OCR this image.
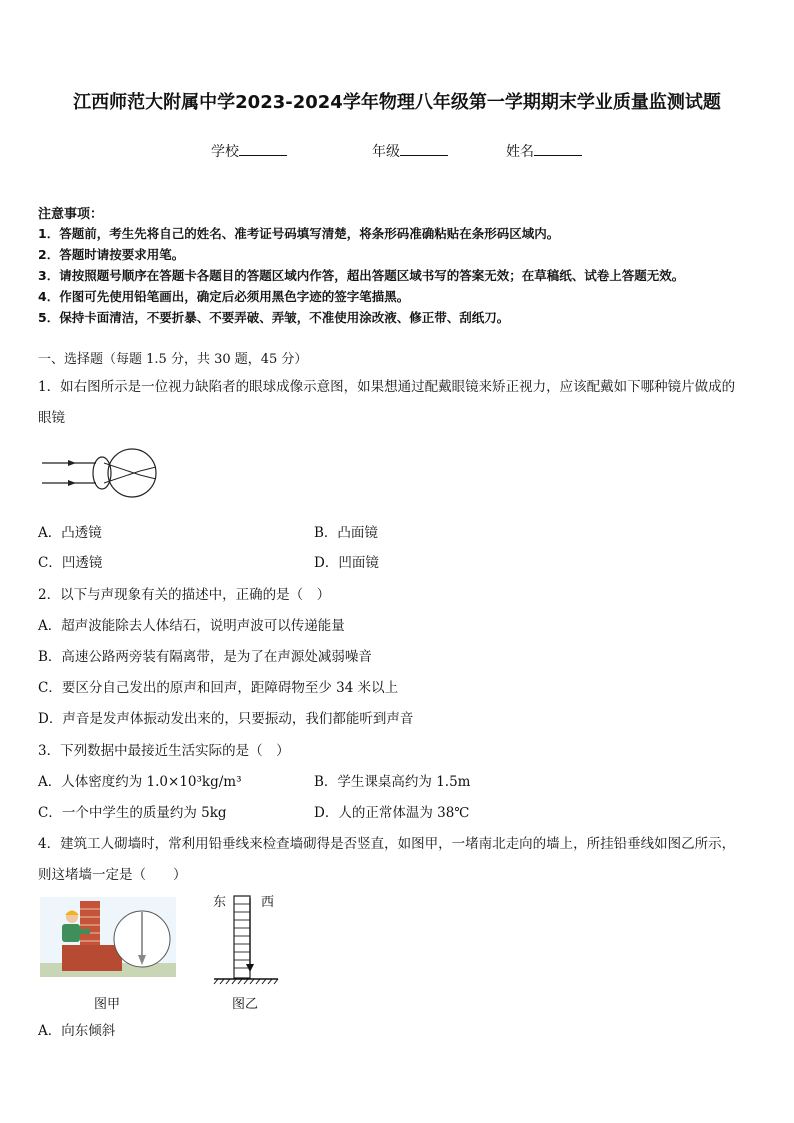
江西师范大附属中学2023-2024学年物理八年级第一学期期末学业质量监测试题
学校	年级	姓名
注意事项：
1．答题前，考生先将自己的姓名、准考证号码填写清楚，将条形码准确粘贴在条形码区域内。
2．答题时请按要求用笔。
3．请按照题号顺序在答题卡各题目的答题区域内作答，超出答题区域书写的答案无效；在草稿纸、试卷上答题无效。
4．作图可先使用铅笔画出，确定后必须用黑色字迹的签字笔描黑。
5．保持卡面清洁，不要折暴、不要弄破、弄皱，不准使用涂改液、修正带、刮纸刀。
一、选择题（每题 1.5 分，共 30 题，45 分）
1．如右图所示是一位视力缺陷者的眼球成像示意图，如果想通过配戴眼镜来矫正视力，应该配戴如下哪种镜片做成的
眼镜
A．凸透镜	B．凸面镜
C．凹透镜	D．凹面镜
2．以下与声现象有关的描述中，正确的是（　）
A．超声波能除去人体结石，说明声波可以传递能量
B．高速公路两旁装有隔离带，是为了在声源处减弱噪音
C．要区分自己发出的原声和回声，距障碍物至少 34 米以上
D．声音是发声体振动发出来的，只要振动，我们都能听到声音
3．下列数据中最接近生活实际的是（　）
A．人体密度约为 1.0×10³kg/m³	B．学生课桌高约为 1.5m
C．一个中学生的质量约为 5kg	D．人的正常体温为 38℃
4．建筑工人砌墙时，常利用铅垂线来检查墙砌得是否竖直，如图甲，一堵南北走向的墙上，所挂铅垂线如图乙所示，
则这堵墙一定是（　　）
图甲
东	西
图乙
A．向东倾斜
